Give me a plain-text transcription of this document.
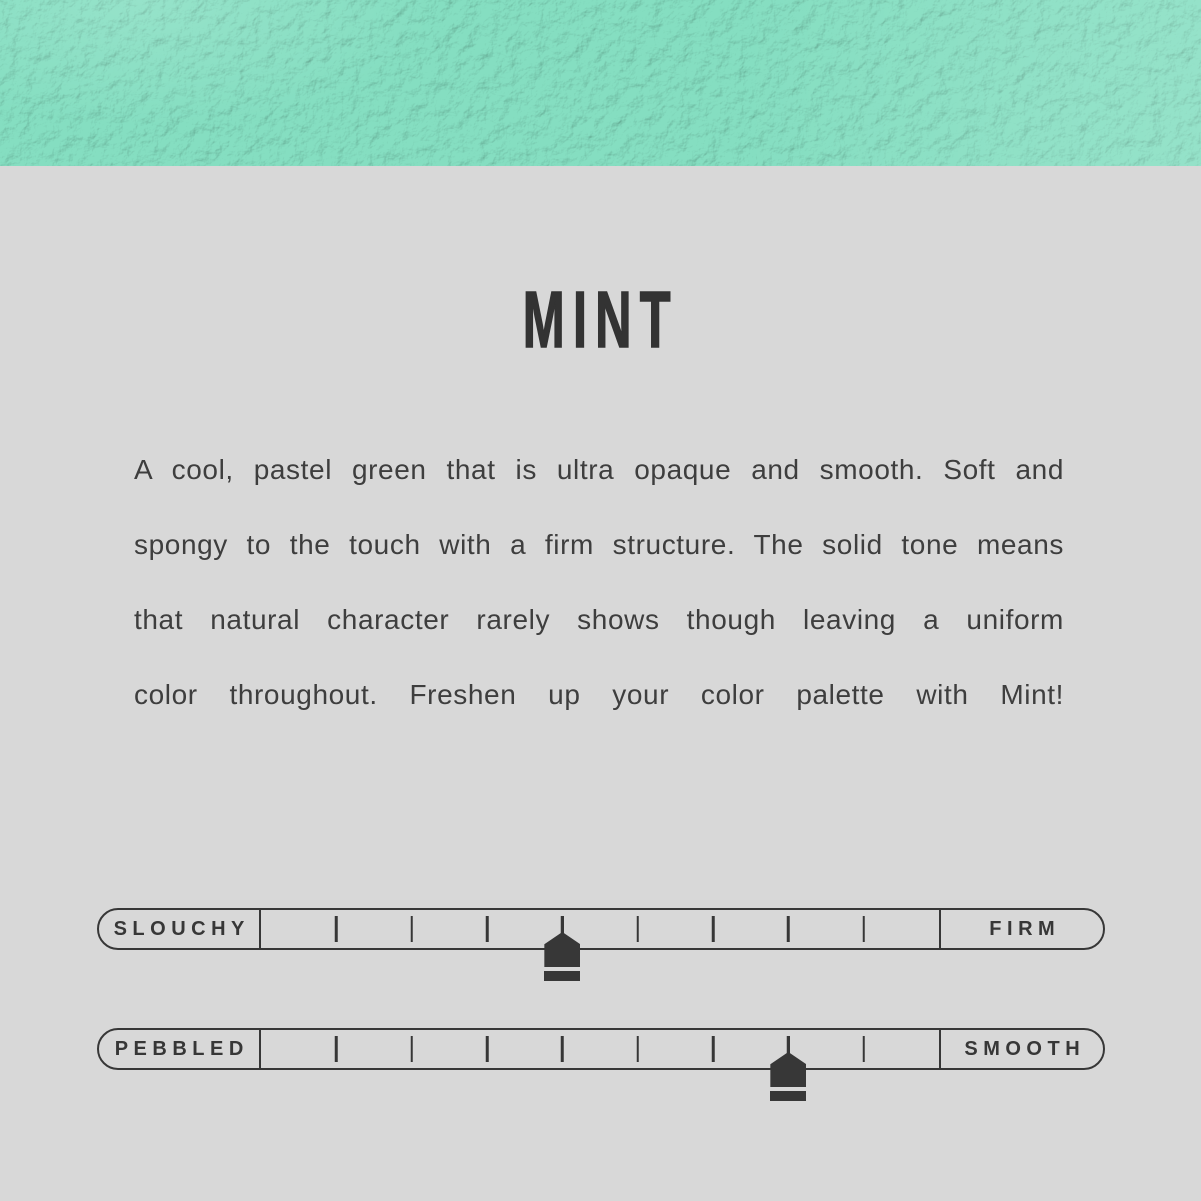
MINT
A cool, pastel green that is ultra opaque and smooth. Soft and
spongy to the touch with a firm structure. The solid tone means
that natural character rarely shows though leaving a uniform
color throughout. Freshen up your color palette with Mint!
SLOUCHY	FIRM
PEBBLED	SMOOTH
